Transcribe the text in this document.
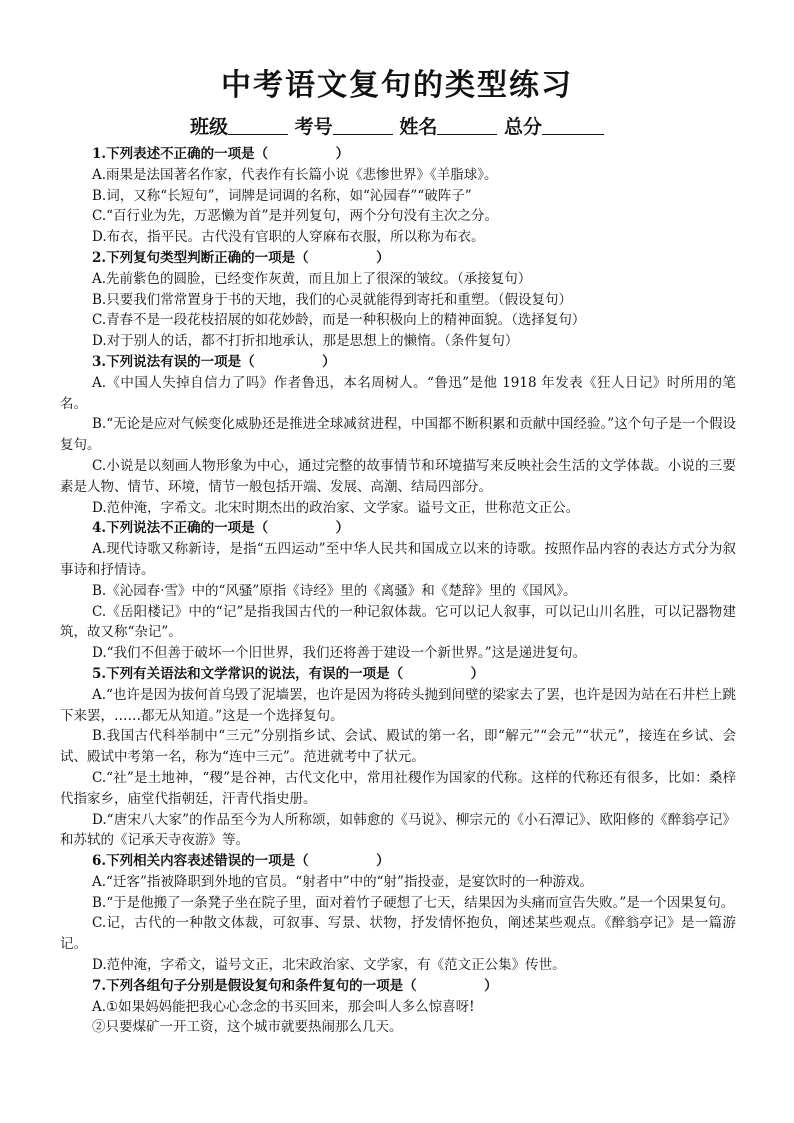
中考语文复句的类型练习
班级	考号	姓名	总分
1.下列表述不正确的一项是（　　　　　）
A.雨果是法国著名作家，代表作有长篇小说《悲惨世界》《羊脂球》。
B.词，又称“长短句”，词牌是词调的名称，如“沁园春”“破阵子”
C.“百行业为先，万恶懒为首”是并列复句，两个分句没有主次之分。
D.布衣，指平民。古代没有官职的人穿麻布衣服，所以称为布衣。
2.下列复句类型判断正确的一项是（　　　　　）
A.先前紫色的圆脸，已经变作灰黄，而且加上了很深的皱纹。（承接复句）
B.只要我们常常置身于书的天地，我们的心灵就能得到寄托和重塑。（假设复句）
C.青春不是一段花枝招展的如花妙龄，而是一种积极向上的精神面貌。（选择复句）
D.对于别人的话，都不打折扣地承认，那是思想上的懒惰。（条件复句）
3.下列说法有误的一项是（　　　　　）
A.《中国人失掉自信力了吗》作者鲁迅，本名周树人。“鲁迅”是他 1918 年发表《狂人日记》时所用的笔名。
B.“无论是应对气候变化威胁还是推进全球减贫进程，中国都不断积累和贡献中国经验。”这个句子是一个假设复句。
C.小说是以刻画人物形象为中心，通过完整的故事情节和环境描写来反映社会生活的文学体裁。小说的三要素是人物、情节、环境，情节一般包括开端、发展、高潮、结局四部分。
D.范仲淹，字希文。北宋时期杰出的政治家、文学家。谥号文正，世称范文正公。
4.下列说法不正确的一项是（　　　　　）
A.现代诗歌又称新诗，是指“五四运动”至中华人民共和国成立以来的诗歌。按照作品内容的表达方式分为叙事诗和抒情诗。
B.《沁园春·雪》中的“风骚”原指《诗经》里的《离骚》和《楚辞》里的《国风》。
C.《岳阳楼记》中的“记”是指我国古代的一种记叙体裁。它可以记人叙事，可以记山川名胜，可以记器物建筑，故又称“杂记”。
D.“我们不但善于破坏一个旧世界，我们还将善于建设一个新世界。”这是递进复句。
5.下列有关语法和文学常识的说法，有误的一项是（　　　　　）
A.“也许是因为拔何首乌毁了泥墙罢，也许是因为将砖头抛到间壁的梁家去了罢，也许是因为站在石井栏上跳下来罢，……都无从知道。”这是一个选择复句。
B.我国古代科举制中“三元”分别指乡试、会试、殿试的第一名，即“解元”“会元”“状元”，接连在乡试、会试、殿试中考第一名，称为“连中三元”。范进就考中了状元。
C.“社”是土地神，“稷”是谷神，古代文化中，常用社稷作为国家的代称。这样的代称还有很多，比如：桑梓代指家乡，庙堂代指朝廷，汗青代指史册。
D.“唐宋八大家”的作品至今为人所称颂，如韩愈的《马说》、柳宗元的《小石潭记》、欧阳修的《醉翁亭记》和苏轼的《记承天寺夜游》等。
6.下列相关内容表述错误的一项是（　　　　　）
A.“迁客”指被降职到外地的官员。“射者中”中的“射”指投壶，是宴饮时的一种游戏。
B.“于是他搬了一条凳子坐在院子里，面对着竹子硬想了七天，结果因为头痛而宣告失败。”是一个因果复句。
C.记，古代的一种散文体裁，可叙事、写景、状物，抒发情怀抱负，阐述某些观点。《醉翁亭记》是一篇游记。
D.范仲淹，字希文，谥号文正，北宋政治家、文学家，有《范文正公集》传世。
7.下列各组句子分别是假设复句和条件复句的一项是（　　　　　）
A.①如果妈妈能把我心心念念的书买回来，那会叫人多么惊喜呀!
②只要煤矿一开工资，这个城市就要热闹那么几天。
